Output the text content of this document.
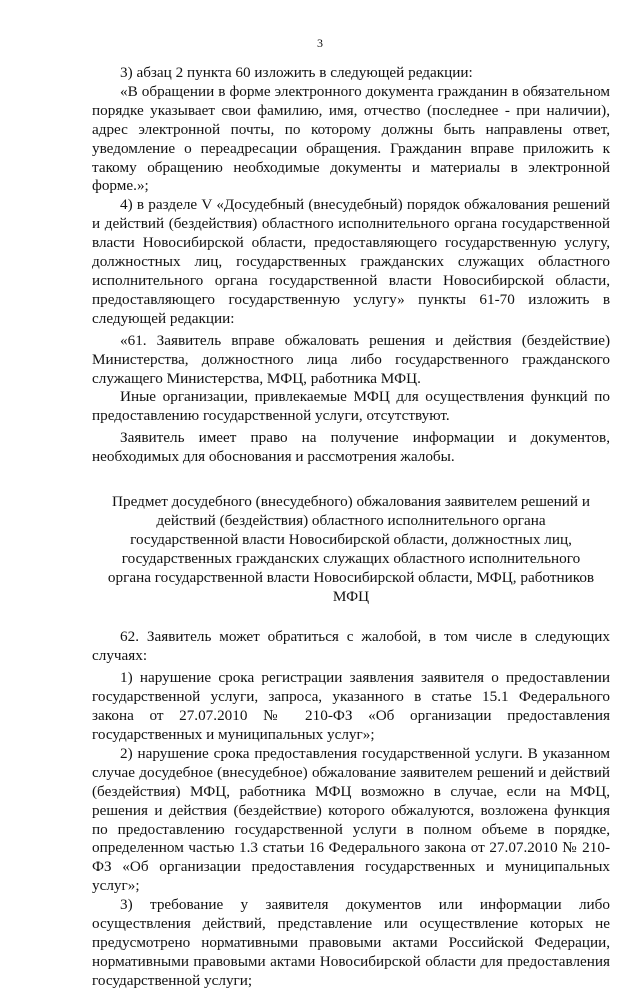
3

3) абзац 2 пункта 60 изложить в следующей редакции:

«В обращении в форме электронного документа гражданин в обязательном порядке указывает свои фамилию, имя, отчество (последнее - при наличии), адрес электронной почты, по которому должны быть направлены ответ, уведомление о переадресации обращения. Гражданин вправе приложить к такому обращению необходимые документы и материалы в электронной форме.»;

4) в разделе V «Досудебный (внесудебный) порядок обжалования решений и действий (бездействия) областного исполнительного органа государственной власти Новосибирской области, предоставляющего государственную услугу, должностных лиц, государственных гражданских служащих областного исполнительного органа государственной власти Новосибирской области, предоставляющего государственную услугу» пункты 61-70 изложить в следующей редакции:

«61. Заявитель вправе обжаловать решения и действия (бездействие) Министерства, должностного лица либо государственного гражданского служащего Министерства, МФЦ, работника МФЦ.

Иные организации, привлекаемые МФЦ для осуществления функций по предоставлению государственной услуги, отсутствуют.

Заявитель имеет право на получение информации и документов, необходимых для обоснования и рассмотрения жалобы.

Предмет досудебного (внесудебного) обжалования заявителем решений и действий (бездействия) областного исполнительного органа государственной власти Новосибирской области, должностных лиц, государственных гражданских служащих областного исполнительного органа государственной власти Новосибирской области, МФЦ, работников МФЦ

62. Заявитель может обратиться с жалобой, в том числе в следующих случаях:

1) нарушение срока регистрации заявления заявителя о предоставлении государственной услуги, запроса, указанного в статье 15.1 Федерального закона от 27.07.2010 № 210-ФЗ «Об организации предоставления государственных и муниципальных услуг»;

2) нарушение срока предоставления государственной услуги. В указанном случае досудебное (внесудебное) обжалование заявителем решений и действий (бездействия) МФЦ, работника МФЦ возможно в случае, если на МФЦ, решения и действия (бездействие) которого обжалуются, возложена функция по предоставлению государственной услуги в полном объеме в порядке, определенном частью 1.3 статьи 16 Федерального закона от 27.07.2010 № 210-ФЗ «Об организации предоставления государственных и муниципальных услуг»;

3) требование у заявителя документов или информации либо осуществления действий, представление или осуществление которых не предусмотрено нормативными правовыми актами Российской Федерации, нормативными правовыми актами Новосибирской области для предоставления государственной услуги;
